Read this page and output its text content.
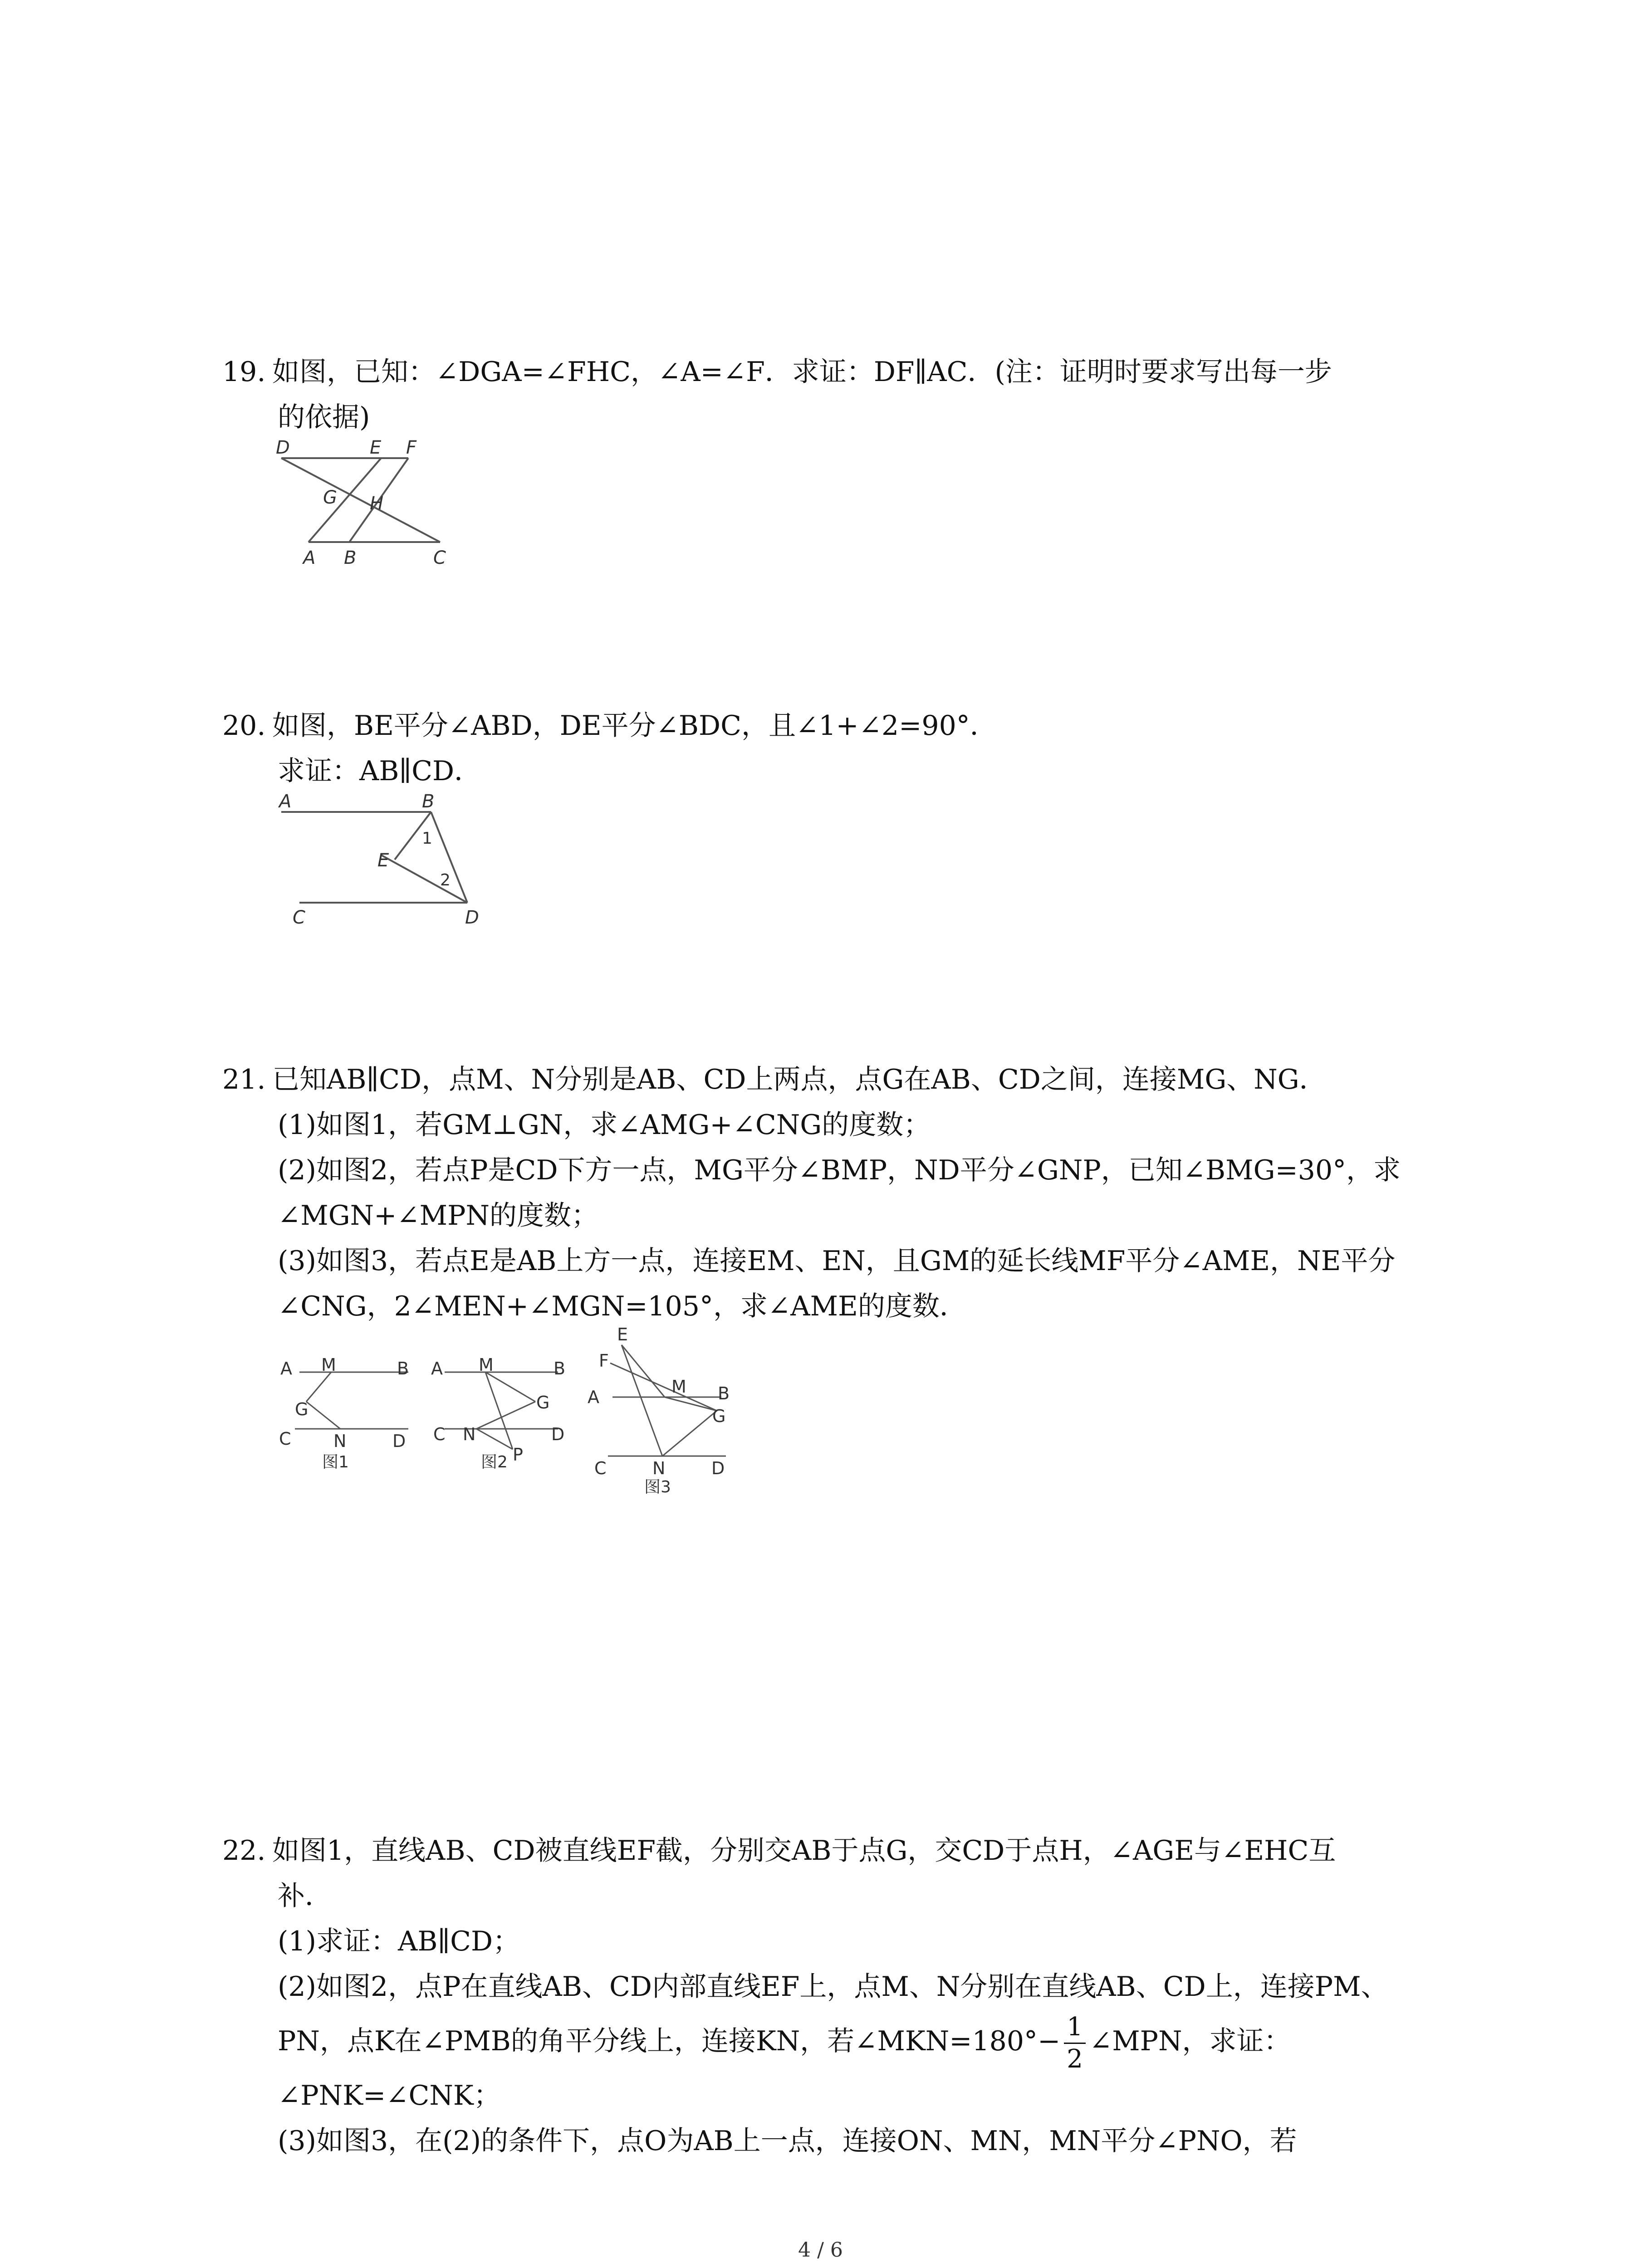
19. 如图，已知：∠DGA=∠FHC，∠A=∠F．求证：DF∥AC．(注：证明时要求写出每一步
的依据)
D	E F
G H
A B	C
20. 如图，BE平分∠ABD，DE平分∠BDC，且∠1+∠2=90°．
求证：AB∥CD．
A	B
1
E
2
C	D
21. 已知AB∥CD，点M、N分别是AB、CD上两点，点G在AB、CD之间，连接MG、NG．
(1)如图1，若GM⊥GN，求∠AMG+∠CNG的度数；
(2)如图2，若点P是CD下方一点，MG平分∠BMP，ND平分∠GNP，已知∠BMG=30°，求
∠MGN+∠MPN的度数；
(3)如图3，若点E是AB上方一点，连接EM、EN，且GM的延长线MF平分∠AME，NE平分
∠CNG，2∠MEN+∠MGN=105°，求∠AME的度数．
A M	B
G
C N	D
图1
A M	B
G
C N	D
P
图2
E
F
A
M B
G
C	N	D
图3
22. 如图1，直线AB、CD被直线EF截，分别交AB于点G，交CD于点H，∠AGE与∠EHC互
补．
(1)求证：AB∥CD；
(2)如图2，点P在直线AB、CD内部直线EF上，点M、N分别在直线AB、CD上，连接PM、
PN，点K在∠PMB的角平分线上，连接KN，若∠MKN=180°− $\frac{1}{2}$ ∠MPN，求证：
∠PNK=∠CNK；
(3)如图3，在(2)的条件下，点O为AB上一点，连接ON、MN，MN平分∠PNO，若
4 / 6
